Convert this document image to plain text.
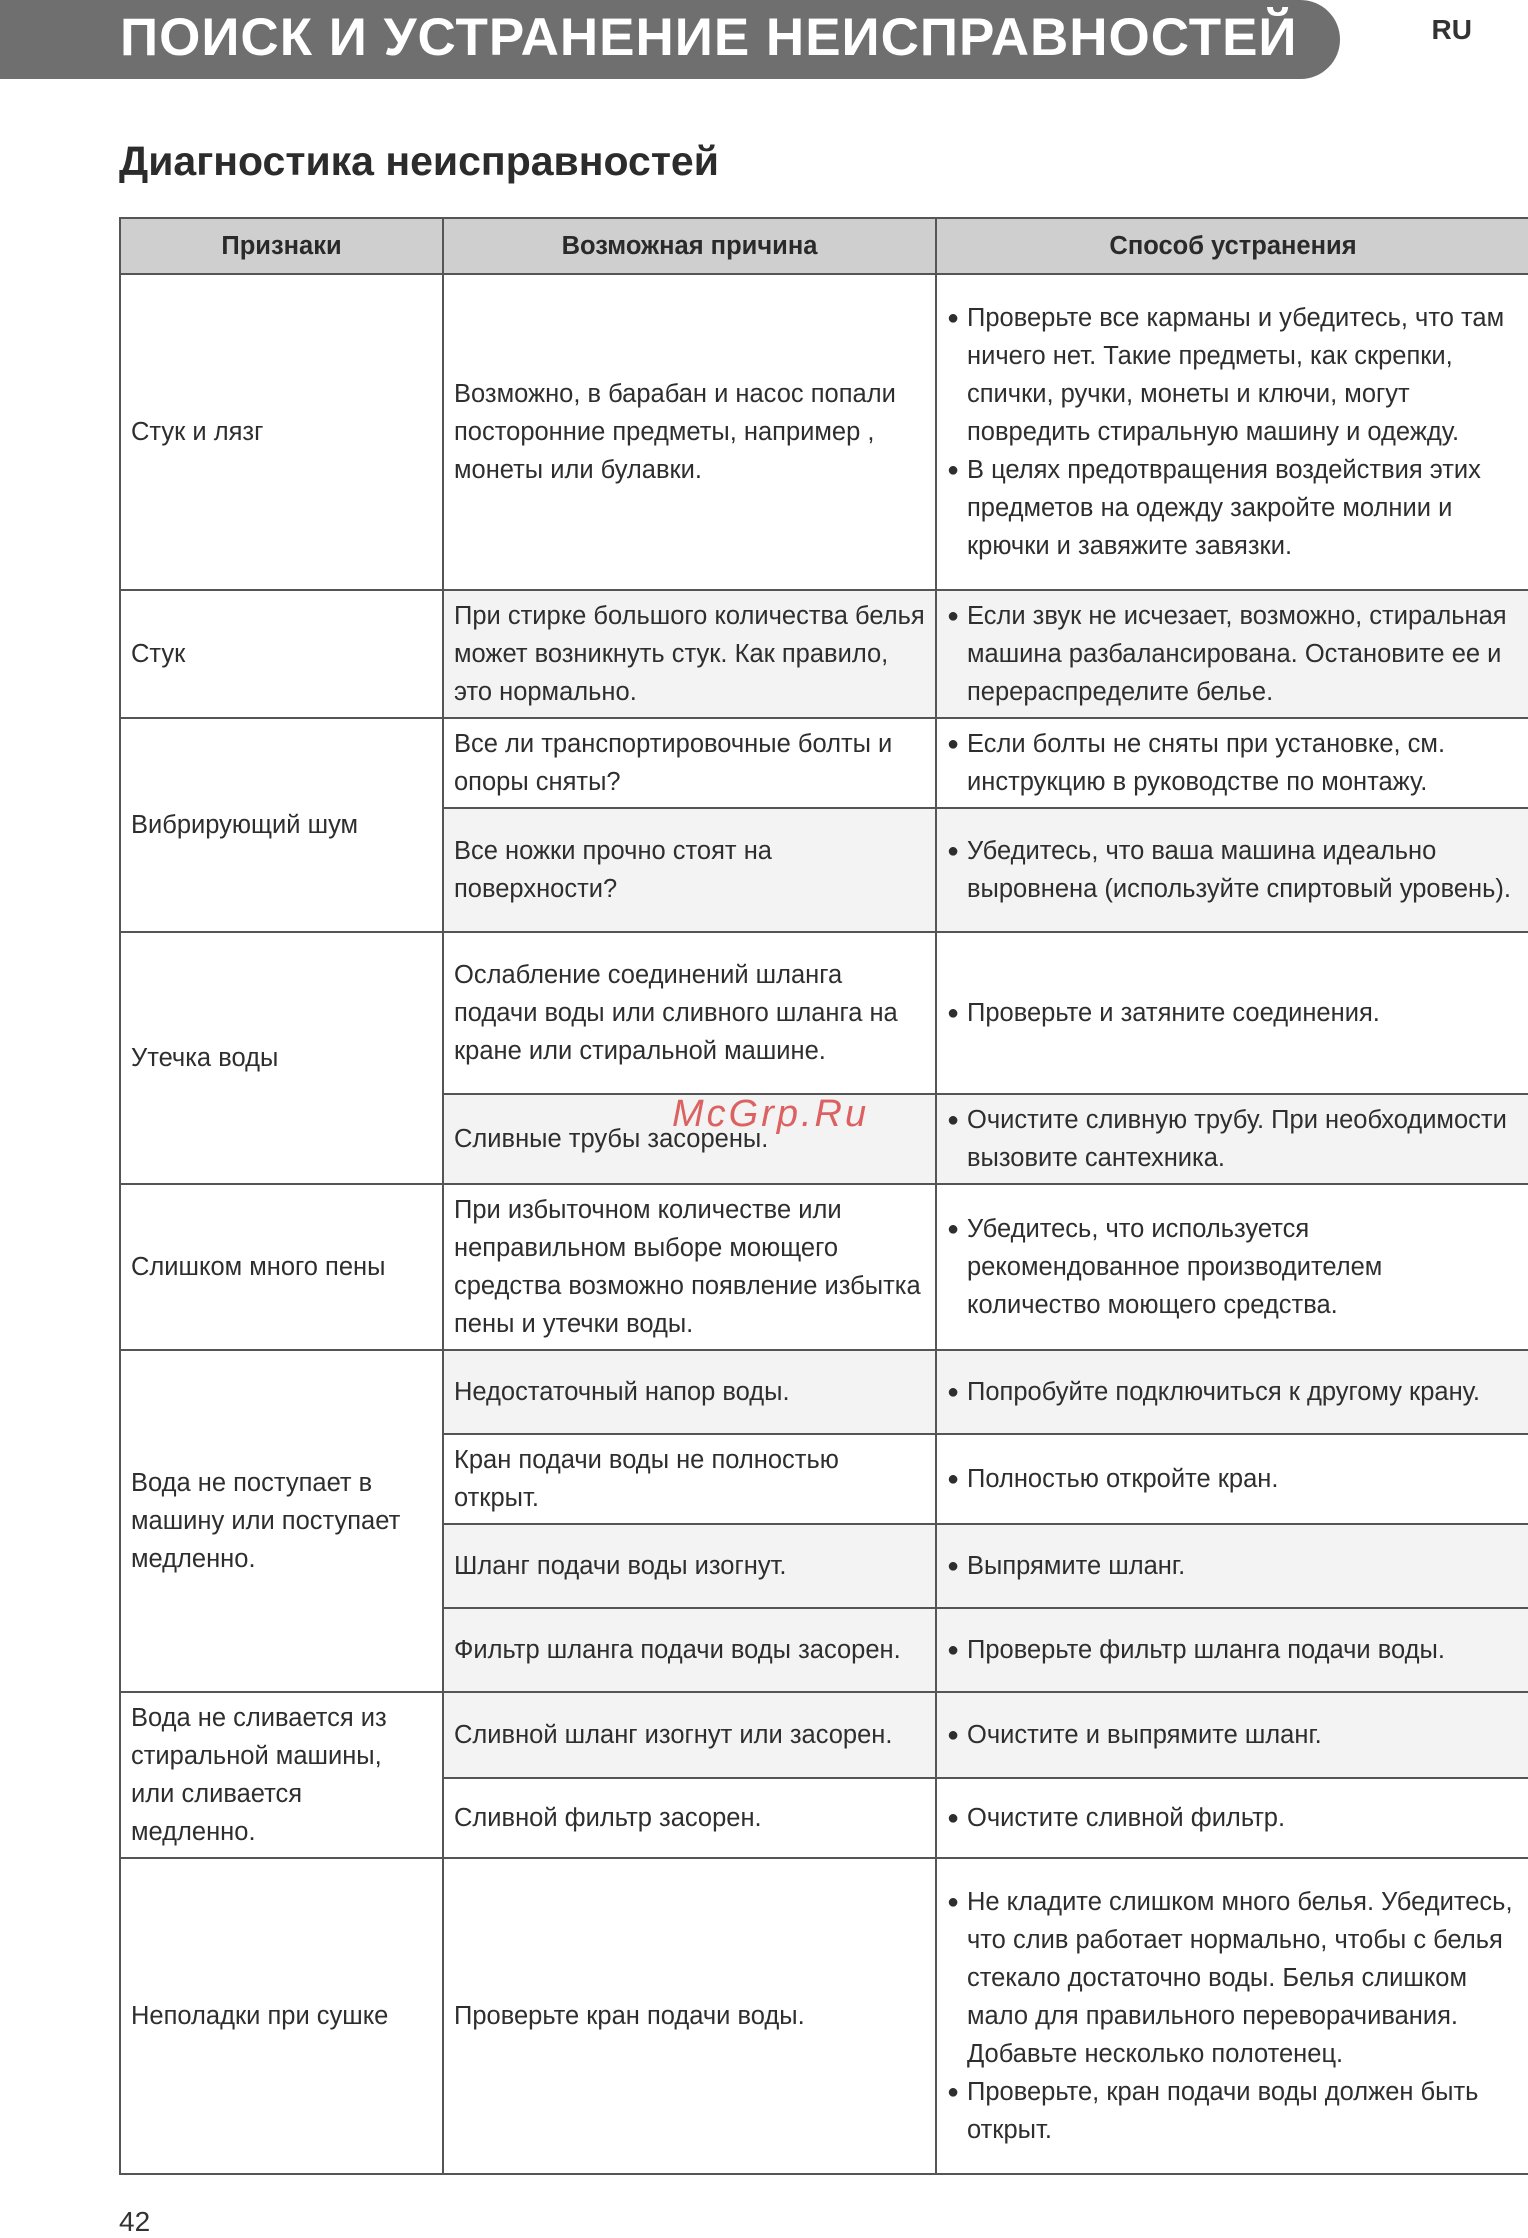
ПОИСК И УСТРАНЕНИЕ НЕИСПРАВНОСТЕЙ	RU
Диагностика неисправностей
Признаки	Возможная причина	Способ устранения
Стук и лязг	Возможно, в барабан и насос попали посторонние предметы, например , монеты или булавки.	● Проверьте все карманы и убедитесь, что там ничего нет. Такие предметы, как скрепки, спички, ручки, монеты и ключи, могут повредить стиральную машину и одежду.
● В целях предотвращения воздействия этих предметов на одежду закройте молнии и крючки и завяжите завязки.

Стук	При стирке большого количества белья может возникнуть стук. Как правило, это нормально.	● Если звук не исчезает, возможно, стиральная машина разбалансирована. Остановите ее и перераспределите белье.

Вибрирующий шум	Все ли транспортировочные болты и опоры сняты?	● Если болты не сняты при установке, см. инструкцию в руководстве по монтажу.

	Все ножки прочно стоят на поверхности?	● Убедитесь, что ваша машина идеально выровнена (используйте спиртовый уровень).

Утечка воды	Ослабление соединений шланга подачи воды или сливного шланга на кране или стиральной машине.	● Проверьте и затяните соединения.

	Сливные трубы засорены.	● Очистите сливную трубу. При необходимости вызовите сантехника.

Слишком много пены	При избыточном количестве или неправильном выборе моющего средства возможно появление избытка пены и утечки воды.	● Убедитесь, что используется рекомендованное производителем количество моющего средства.

Вода не поступает в машину или поступает медленно.	Недостаточный напор воды.	● Попробуйте подключиться к другому крану.

	Кран подачи воды не полностью открыт.	● Полностью откройте кран.

	Шланг подачи воды изогнут.	● Выпрямите шланг.

	Фильтр шланга подачи воды засорен.	● Проверьте фильтр шланга подачи воды.

Вода не сливается из стиральной машины, или сливается медленно.	Сливной шланг изогнут или засорен.	● Очистите и выпрямите шланг.

	Сливной фильтр засорен.	● Очистите сливной фильтр.

Неполадки при сушке	Проверьте кран подачи воды.	● Не кладите слишком много белья. Убедитесь, что слив работает нормально, чтобы с белья стекало достаточно воды. Белья слишком мало для правильного переворачивания. Добавьте несколько полотенец.
● Проверьте, кран подачи воды должен быть открыт.
McGrp.Ru
42
